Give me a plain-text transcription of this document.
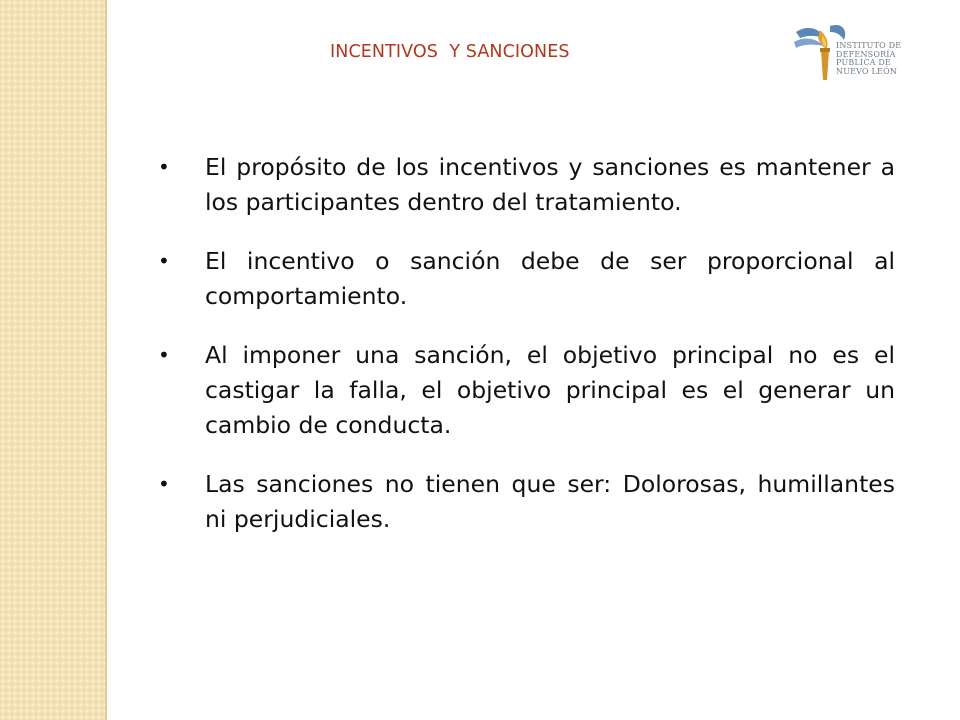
INCENTIVOS  Y SANCIONES	INSTITUTO DE
DEFENSORÍA
PÚBLICA DE
NUEVO LEÓN
• El propósito de los incentivos y sanciones es mantener a los participantes dentro del tratamiento.
• El incentivo o sanción debe de ser proporcional al comportamiento.
• Al imponer una sanción, el objetivo principal no es el castigar la falla, el objetivo principal es el generar un cambio de conducta.
• Las sanciones no tienen que ser: Dolorosas, humillantes ni perjudiciales.
